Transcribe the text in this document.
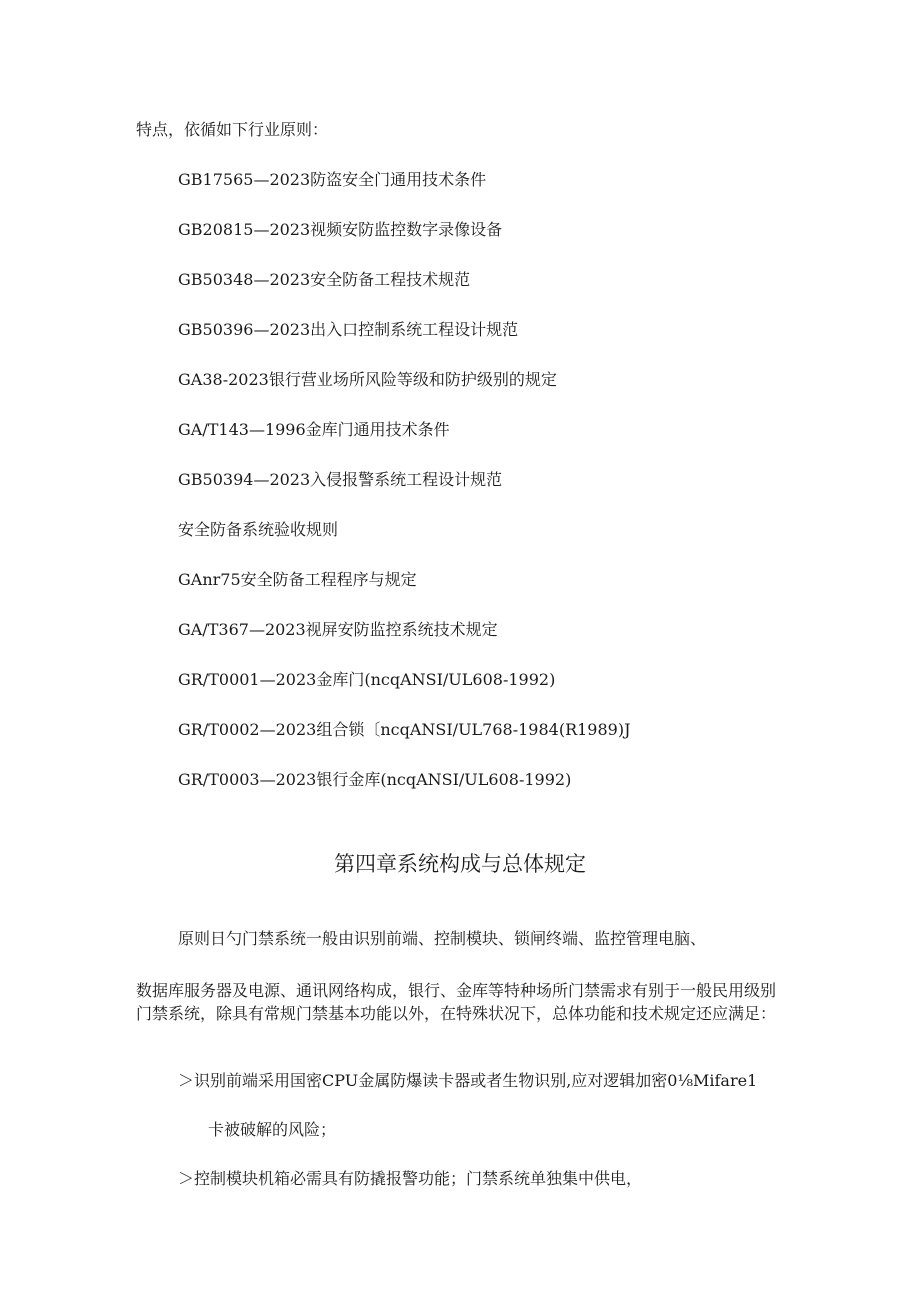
特点，依循如下行业原则：
GB17565—2023防盗安全门通用技术条件
GB20815—2023视频安防监控数字录像设备
GB50348—2023安全防备工程技术规范
GB50396—2023出入口控制系统工程设计规范
GA38-2023银行营业场所风险等级和防护级别的规定
GA/T143—1996金库门通用技术条件
GB50394—2023入侵报警系统工程设计规范
安全防备系统验收规则
GAnr75安全防备工程程序与规定
GA/T367—2023视屏安防监控系统技术规定
GR/T0001—2023金库门(ncqANSI/UL608-1992)
GR/T0002—2023组合锁〔ncqANSI/UL768-1984(R1989)J
GR/T0003—2023银行金库(ncqANSI/UL608-1992)
第四章系统构成与总体规定
原则日勺门禁系统一般由识别前端、控制模块、锁闸终端、监控管理电脑、
数据库服务器及电源、通讯网络构成，银行、金库等特种场所门禁需求有别于一般民用级别门禁系统，除具有常规门禁基本功能以外，在特殊状况下，总体功能和技术规定还应满足：
＞识别前端采用国密CPU金属防爆读卡器或者生物识别,应对逻辑加密0⅛Mifare1
卡被破解的风险；
＞控制模块机箱必需具有防撬报警功能；门禁系统单独集中供电，
